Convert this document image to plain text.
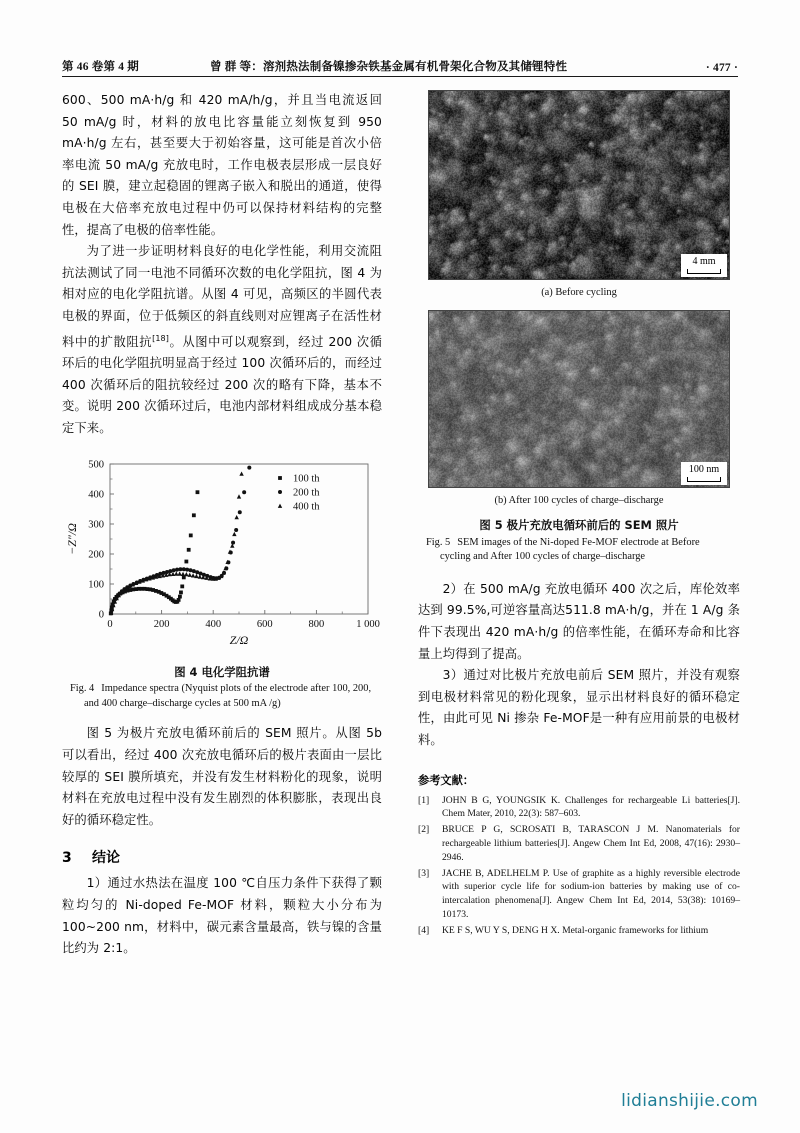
第 46 卷第 4 期	曾 群 等：溶剂热法制备镍掺杂铁基金属有机骨架化合物及其储锂特性	· 477 ·

600、500 mA·h/g 和 420 mA/h/g，并且当电流返回 50 mA/g 时，材料的放电比容量能立刻恢复到 950 mA·h/g 左右，甚至要大于初始容量，这可能是首次小倍率电流 50 mA/g 充放电时，工作电极表层形成一层良好的 SEI 膜，建立起稳固的锂离子嵌入和脱出的通道，使得电极在大倍率充放电过程中仍可以保持材料结构的完整性，提高了电极的倍率性能。

为了进一步证明材料良好的电化学性能，利用交流阻抗法测试了同一电池不同循环次数的电化学阻抗，图 4 为相对应的电化学阻抗谱。从图 4 可见，高频区的半圆代表电极的界面，位于低频区的斜直线则对应锂离子在活性材料中的扩散阻抗[18]。从图中可以观察到，经过 200 次循环后的电化学阻抗明显高于经过 100 次循环后的，而经过 400 次循环后的阻抗较经过 200 次的略有下降，基本不变。说明 200 次循环过后，电池内部材料组成成分基本稳定下来。

0	200	400	600	800	1 000
0
100
200
300
400
500
Z/Ω
−Z″/Ω
100 th
200 th
400 th
图 4 电化学阻抗谱
Fig. 4 Impedance spectra (Nyquist plots of the electrode after 100, 200, and 400 charge–discharge cycles at 500 mA /g)

图 5 为极片充放电循环前后的 SEM 照片。从图 5b 可以看出，经过 400 次充放电循环后的极片表面由一层比较厚的 SEI 膜所填充，并没有发生材料粉化的现象，说明材料在充放电过程中没有发生剧烈的体积膨胀，表现出良好的循环稳定性。

3 结论

1）通过水热法在温度 100 ℃自压力条件下获得了颗粒均匀的 Ni-doped Fe-MOF 材料，颗粒大小分布为 100~200 nm，材料中，碳元素含量最高，铁与镍的含量比约为 2:1。

4 mm
(a) Before cycling
100 nm
(b) After 100 cycles of charge–discharge
图 5 极片充放电循环前后的 SEM 照片
Fig. 5 SEM images of the Ni-doped Fe-MOF electrode at Before cycling and After 100 cycles of charge–discharge

2）在 500 mA/g 充放电循环 400 次之后，库伦效率达到 99.5%,可逆容量高达511.8 mA·h/g，并在 1 A/g 条件下表现出 420 mA·h/g 的倍率性能，在循环寿命和比容量上均得到了提高。

3）通过对比极片充放电前后 SEM 照片，并没有观察到电极材料常见的粉化现象，显示出材料良好的循环稳定性，由此可见 Ni 掺杂 Fe-MOF是一种有应用前景的电极材料。

参考文献：
[1]	JOHN B G, YOUNGSIK K. Challenges for rechargeable Li batteries[J]. Chem Mater, 2010, 22(3): 587–603.
[2]	BRUCE P G, SCROSATI B, TARASCON J M. Nanomaterials for rechargeable lithium batteries[J]. Angew Chem Int Ed, 2008, 47(16): 2930–2946.
[3]	JACHE B, ADELHELM P. Use of graphite as a highly reversible electrode with superior cycle life for sodium-ion batteries by making use of co-intercalation phenomena[J]. Angew Chem Int Ed, 2014, 53(38): 10169–10173.
[4]	KE F S, WU Y S, DENG H X. Metal-organic frameworks for lithium
lidianshijie.com
